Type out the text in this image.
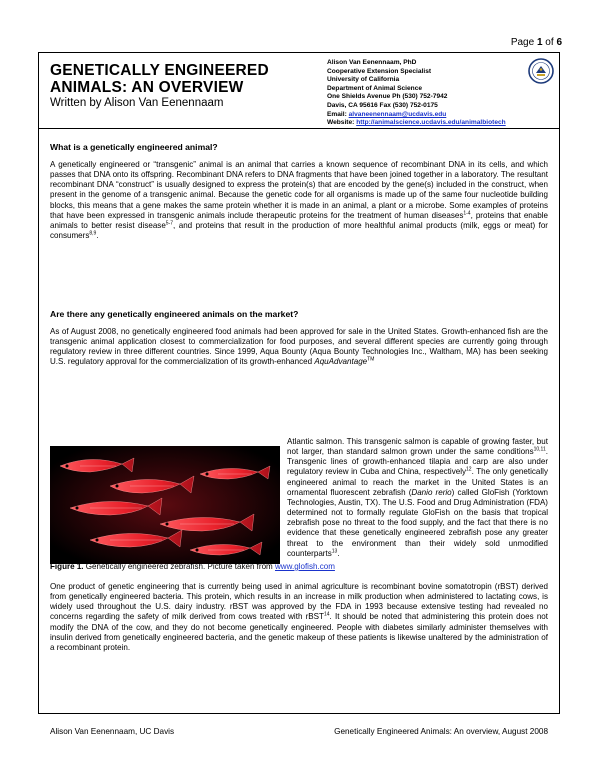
Page 1 of 6
GENETICALLY ENGINEERED
ANIMALS: AN OVERVIEW
Written by Alison Van Eenennaam
Alison Van Eenennaam, PhD
Cooperative Extension Specialist
University of California
Department of Animal Science
One Shields Avenue Ph (530) 752-7942
Davis, CA 95616 Fax (530) 752-0175
Email: alvaneenennaam@ucdavis.edu
Website: http://animalscience.ucdavis.edu/animalbiotech
What is a genetically engineered animal?
A genetically engineered or “transgenic” animal is an animal that carries a known sequence of recombinant DNA in its cells, and which passes that DNA onto its offspring. Recombinant DNA refers to DNA fragments that have been joined together in a laboratory. The resultant recombinant DNA “construct” is usually designed to express the protein(s) that are encoded by the gene(s) included in the construct, when present in the genome of a transgenic animal. Because the genetic code for all organisms is made up of the same four nucleotide building blocks, this means that a gene makes the same protein whether it is made in an animal, a plant or a microbe. Some examples of proteins that have been expressed in transgenic animals include therapeutic proteins for the treatment of human diseases$^{1-4}$, proteins that enable animals to better resist disease$^{5-7}$, and proteins that result in the production of more healthful animal products (milk, eggs or meat) for consumers$^{8,9}$.
Are there any genetically engineered animals on the market?
As of August 2008, no genetically engineered food animals had been approved for sale in the United States. Growth-enhanced fish are the transgenic animal application closest to commercialization for food purposes, and several different species are currently going through regulatory review in three different countries. Since 1999, Aqua Bounty (Aqua Bounty Technologies Inc., Waltham, MA) has been seeking U.S. regulatory approval for the commercialization of its growth-enhanced AquAdvantage™
Atlantic salmon. This transgenic salmon is capable of growing faster, but not larger, than standard salmon grown under the same conditions$^{10,11}$. Transgenic lines of growth-enhanced tilapia and carp are also under regulatory review in Cuba and China, respectively$^{12}$. The only genetically engineered animal to reach the market in the United States is an ornamental fluorescent zebrafish (Danio rerio) called GloFish (Yorktown Technologies, Austin, TX). The U.S. Food and Drug Administration (FDA) determined not to formally regulate GloFish on the basis that tropical zebrafish pose no threat to the food supply, and the fact that there is no evidence that these genetically engineered zebrafish pose any greater threat to the environment than their widely sold unmodified counterparts$^{13}$.
Figure 1. Genetically engineered zebrafish. Picture taken from www.glofish.com
One product of genetic engineering that is currently being used in animal agriculture is recombinant bovine somatotropin (rBST) derived from genetically engineered bacteria. This protein, which results in an increase in milk production when administered to lactating cows, is widely used throughout the U.S. dairy industry. rBST was approved by the FDA in 1993 because extensive testing had revealed no concerns regarding the safety of milk derived from cows treated with rBST$^{14}$. It should be noted that administering this protein does not modify the DNA of the cow, and they do not become genetically engineered. People with diabetes similarly administer themselves with insulin derived from genetically engineered bacteria, and the genetic makeup of these patients is likewise unaltered by the administration of a recombinant protein.
Alison Van Eenennaam, UC Davis	Genetically Engineered Animals: An overview, August 2008
